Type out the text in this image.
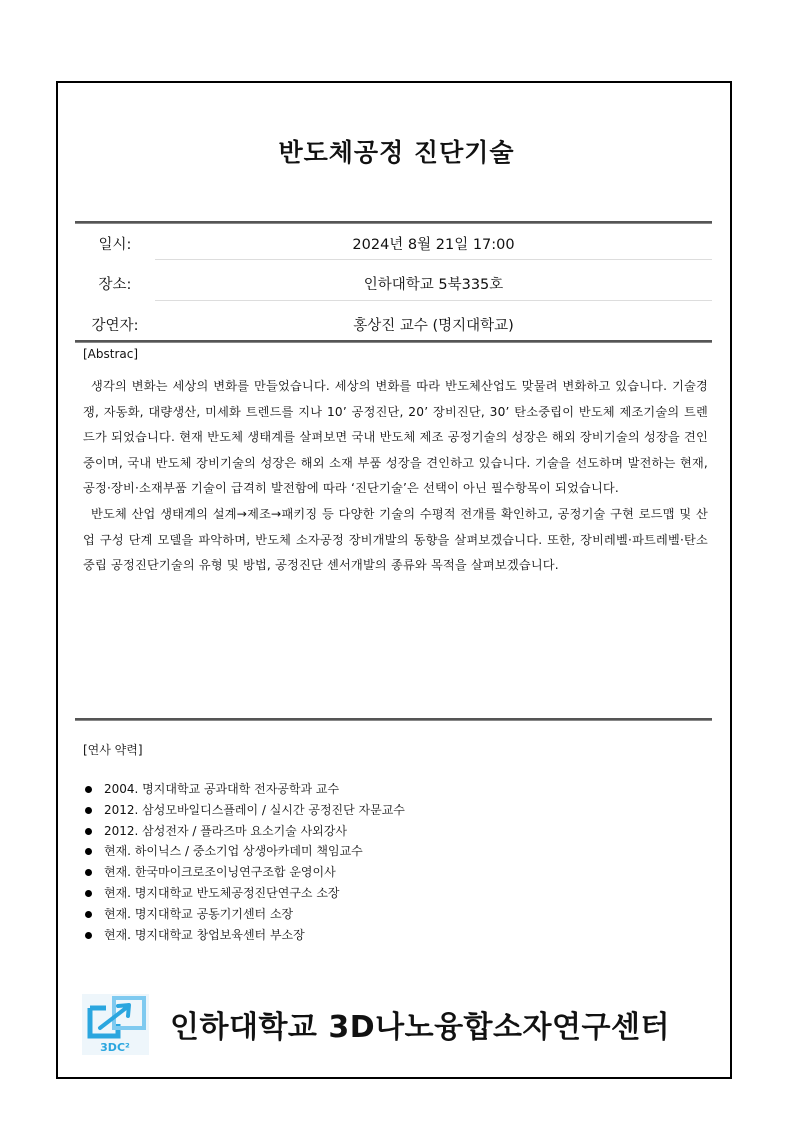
반도체공정 진단기술
일시:	2024년 8월 21일 17:00
장소:	인하대학교 5북335호
강연자:	홍상진 교수 (명지대학교)
[Abstrac]

생각의 변화는 세상의 변화를 만들었습니다. 세상의 변화를 따라 반도체산업도 맞물려 변화하고 있습니다. 기술경쟁, 자동화, 대량생산, 미세화 트렌드를 지나 10’ 공정진단, 20’ 장비진단, 30’ 탄소중립이 반도체 제조기술의 트렌드가 되었습니다. 현재 반도체 생태계를 살펴보면 국내 반도체 제조 공정기술의 성장은 해외 장비기술의 성장을 견인 중이며, 국내 반도체 장비기술의 성장은 해외 소재 부품 성장을 견인하고 있습니다. 기술을 선도하며 발전하는 현재, 공정·장비·소재부품 기술이 급격히 발전함에 따라 ‘진단기술’은 선택이 아닌 필수항목이 되었습니다.

반도체 산업 생태계의 설계→제조→패키징 등 다양한 기술의 수평적 전개를 확인하고, 공정기술 구현 로드맵 및 산업 구성 단계 모델을 파악하며, 반도체 소자공정 장비개발의 동향을 살펴보겠습니다. 또한, 장비레벨·파트레벨·탄소중립 공정진단기술의 유형 및 방법, 공정진단 센서개발의 종류와 목적을 살펴보겠습니다.

[연사 약력]
2004. 명지대학교 공과대학 전자공학과 교수
2012. 삼성모바일디스플레이 / 실시간 공정진단 자문교수
2012. 삼성전자 / 플라즈마 요소기술 사외강사
현재. 하이닉스 / 중소기업 상생아카데미 책임교수
현재. 한국마이크로조이닝연구조합 운영이사
현재. 명지대학교 반도체공정진단연구소 소장
현재. 명지대학교 공동기기센터 소장
현재. 명지대학교 창업보육센터 부소장
3DC²
인하대학교 3D나노융합소자연구센터
